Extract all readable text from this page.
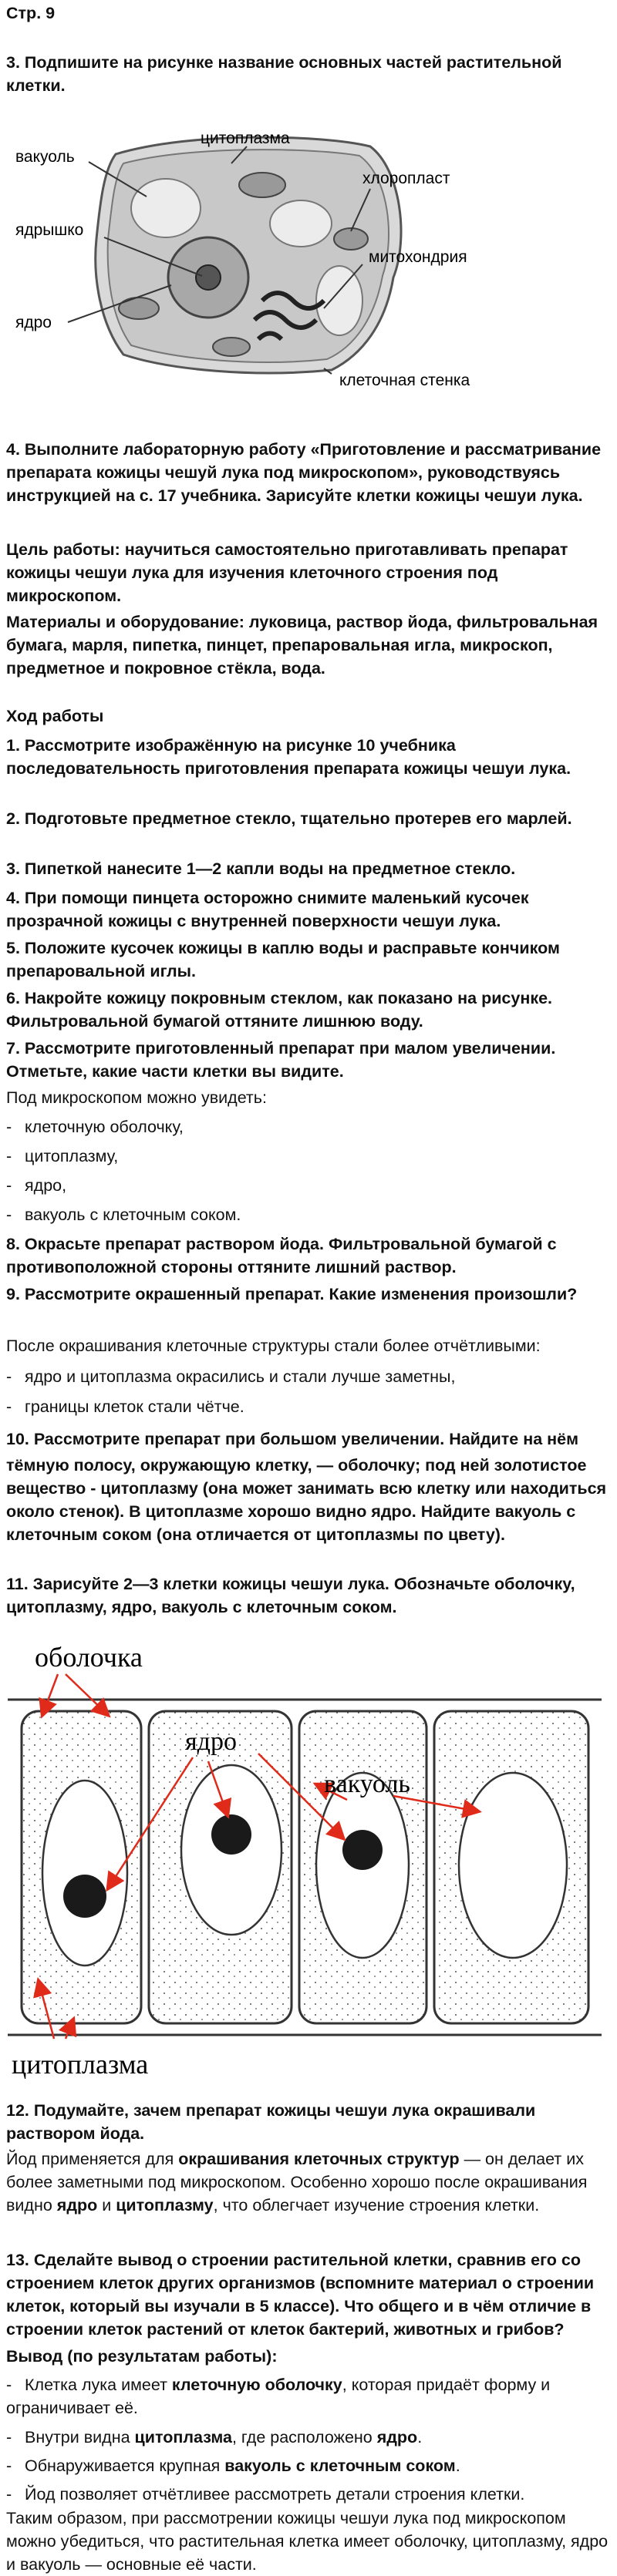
Стр. 9

3. Подпишите на рисунке название основных частей растительной клетки.

цитоплазма
вакуоль
хлоропласт
ядрышко
митохондрия
ядро
клеточная стенка

4. Выполните лабораторную работу «Приготовление и рассматривание препарата кожицы чешуй лука под микроскопом», руководствуясь инструкцией на с. 17 учебника. Зарисуйте клетки кожицы чешуи лука.

Цель работы: научиться самостоятельно приготавливать препарат кожицы чешуи лука для изучения клеточного строения под микроскопом.

Материалы и оборудование: луковица, раствор йода, фильтровальная бумага, марля, пипетка, пинцет, препаровальная игла, микроскоп, предметное и покровное стёкла, вода.

Ход работы

1. Рассмотрите изображённую на рисунке 10 учебника последовательность приготовления препарата кожицы чешуи лука.

2. Подготовьте предметное стекло, тщательно протерев его марлей.

3. Пипеткой нанесите 1—2 капли воды на предметное стекло.

4. При помощи пинцета осторожно снимите маленький кусочек прозрачной кожицы с внутренней поверхности чешуи лука.

5. Положите кусочек кожицы в каплю воды и расправьте кончиком препаровальной иглы.

6. Накройте кожицу покровным стеклом, как показано на рисунке. Фильтровальной бумагой оттяните лишнюю воду.

7. Рассмотрите приготовленный препарат при малом увеличении. Отметьте, какие части клетки вы видите.

Под микроскопом можно увидеть:

- клеточную оболочку,

- цитоплазму,

- ядро,

- вакуоль с клеточным соком.

8. Окрасьте препарат раствором йода. Фильтровальной бумагой с противоположной стороны оттяните лишний раствор.

9. Рассмотрите окрашенный препарат. Какие изменения произошли?

После окрашивания клеточные структуры стали более отчётливыми:

- ядро и цитоплазма окрасились и стали лучше заметны,

- границы клеток стали чётче.

10. Рассмотрите препарат при большом увеличении. Найдите на нём

тёмную полосу, окружающую клетку, — оболочку; под ней золотистое вещество - цитоплазму (она может занимать всю клетку или находиться около стенок). В цитоплазме хорошо видно ядро. Найдите вакуоль с клеточным соком (она отличается от цитоплазмы по цвету).

11. Зарисуйте 2—3 клетки кожицы чешуи лука. Обозначьте оболочку, цитоплазму, ядро, вакуоль с клеточным соком.

оболочка
ядро
вакуоль
цитоплазма

12. Подумайте, зачем препарат кожицы чешуи лука окрашивали раствором йода.

Йод применяется для окрашивания клеточных структур — он делает их более заметными под микроскопом. Особенно хорошо после окрашивания видно ядро и цитоплазму, что облегчает изучение строения клетки.

13. Сделайте вывод о строении растительной клетки, сравнив его со строением клеток других организмов (вспомните материал о строении клеток, который вы изучали в 5 классе). Что общего и в чём отличие в строении клеток растений от клеток бактерий, животных и грибов?

Вывод (по результатам работы):

- Клетка лука имеет клеточную оболочку, которая придаёт форму и ограничивает её.

- Внутри видна цитоплазма, где расположено ядро.

- Обнаруживается крупная вакуоль с клеточным соком.

- Йод позволяет отчётливее рассмотреть детали строения клетки.

Таким образом, при рассмотрении кожицы чешуи лука под микроскопом можно убедиться, что растительная клетка имеет оболочку, цитоплазму, ядро и вакуоль — основные её части.
